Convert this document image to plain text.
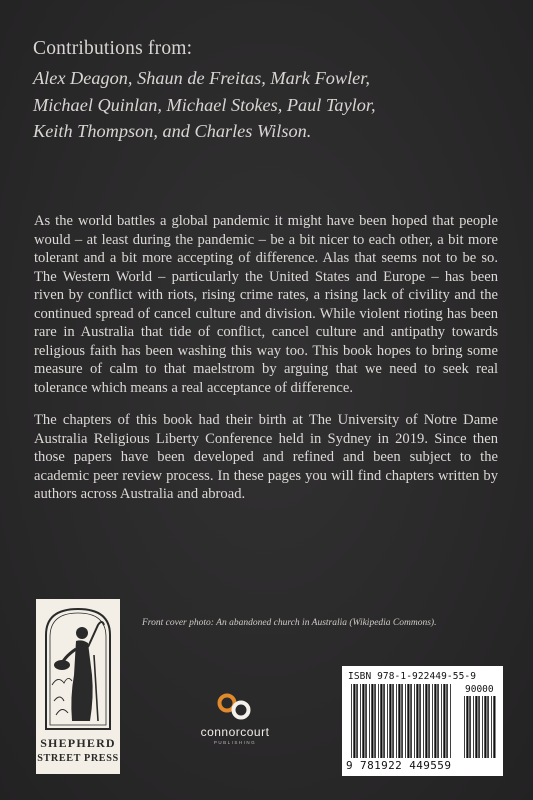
Contributions from:
Alex Deagon, Shaun de Freitas, Mark Fowler,
Michael Quinlan, Michael Stokes, Paul Taylor,
Keith Thompson, and Charles Wilson.

As the world battles a global pandemic it might have been hoped that people would – at least during the pandemic – be a bit nicer to each other, a bit more tolerant and a bit more accepting of difference. Alas that seems not to be so. The Western World – particularly the United States and Europe – has been riven by conflict with riots, rising crime rates, a rising lack of civility and the continued spread of cancel culture and division. While violent rioting has been rare in Australia that tide of conflict, cancel culture and antipathy towards religious faith has been washing this way too. This book hopes to bring some measure of calm to that maelstrom by arguing that we need to seek real tolerance which means a real acceptance of difference.

The chapters of this book had their birth at The University of Notre Dame Australia Religious Liberty Conference held in Sydney in 2019. Since then those papers have been developed and refined and been subject to the academic peer review process. In these pages you will find chapters written by authors across Australia and abroad.

SHEPHERD
STREET PRESS
Front cover photo: An abandoned church in Australia (Wikipedia Commons).
connorcourt
PUBLISHING
ISBN 978-1-922449-55-9
90000
9 781922 449559
